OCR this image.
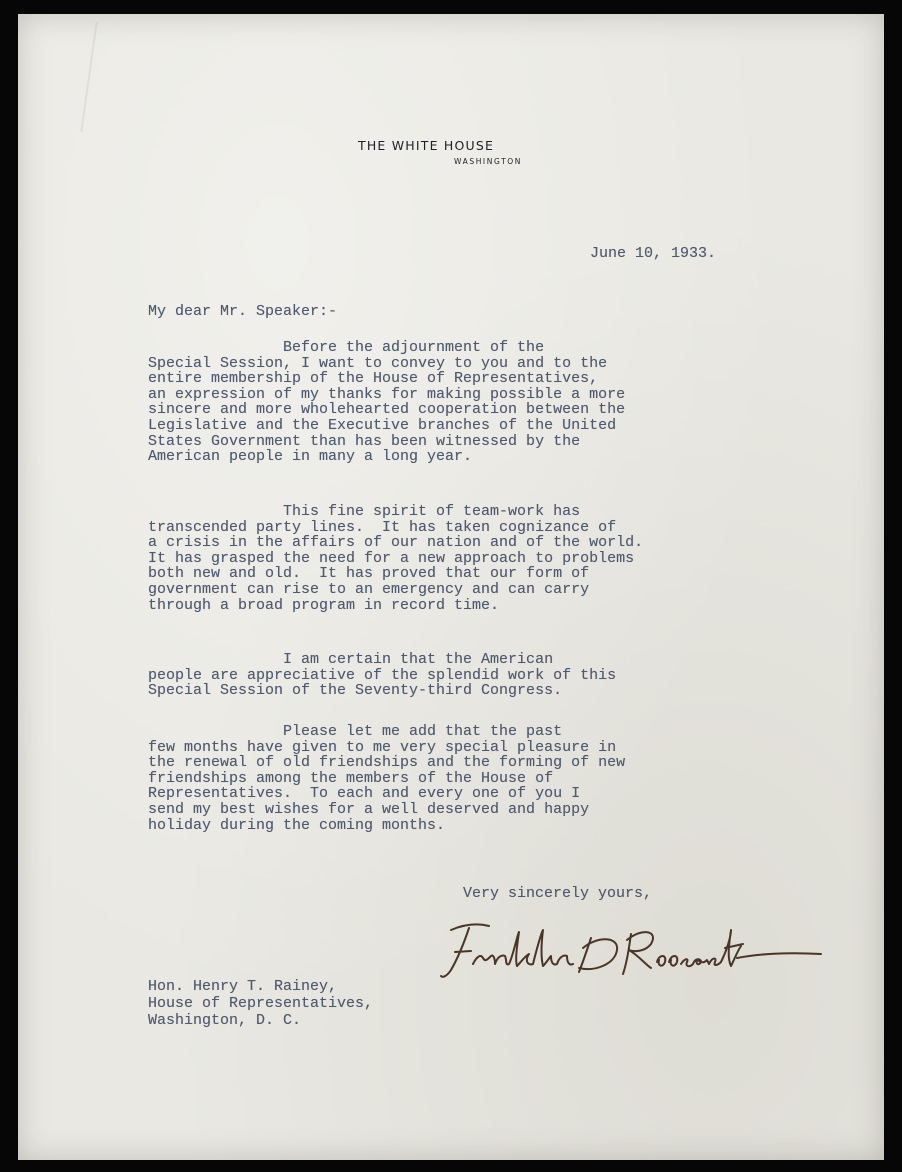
THE WHITE HOUSE
WASHINGTON
June 10, 1933.
My dear Mr. Speaker:-
Before the adjournment of the
Special Session, I want to convey to you and to the
entire membership of the House of Representatives,
an expression of my thanks for making possible a more
sincere and more wholehearted cooperation between the
Legislative and the Executive branches of the United
States Government than has been witnessed by the
American people in many a long year.
This fine spirit of team-work has
transcended party lines.  It has taken cognizance of
a crisis in the affairs of our nation and of the world.
It has grasped the need for a new approach to problems
both new and old.  It has proved that our form of
government can rise to an emergency and can carry
through a broad program in record time.
I am certain that the American
people are appreciative of the splendid work of this
Special Session of the Seventy-third Congress.
Please let me add that the past
few months have given to me very special pleasure in
the renewal of old friendships and the forming of new
friendships among the members of the House of
Representatives.  To each and every one of you I
send my best wishes for a well deserved and happy
holiday during the coming months.
Very sincerely yours,
Hon. Henry T. Rainey,
House of Representatives,
Washington, D. C.
